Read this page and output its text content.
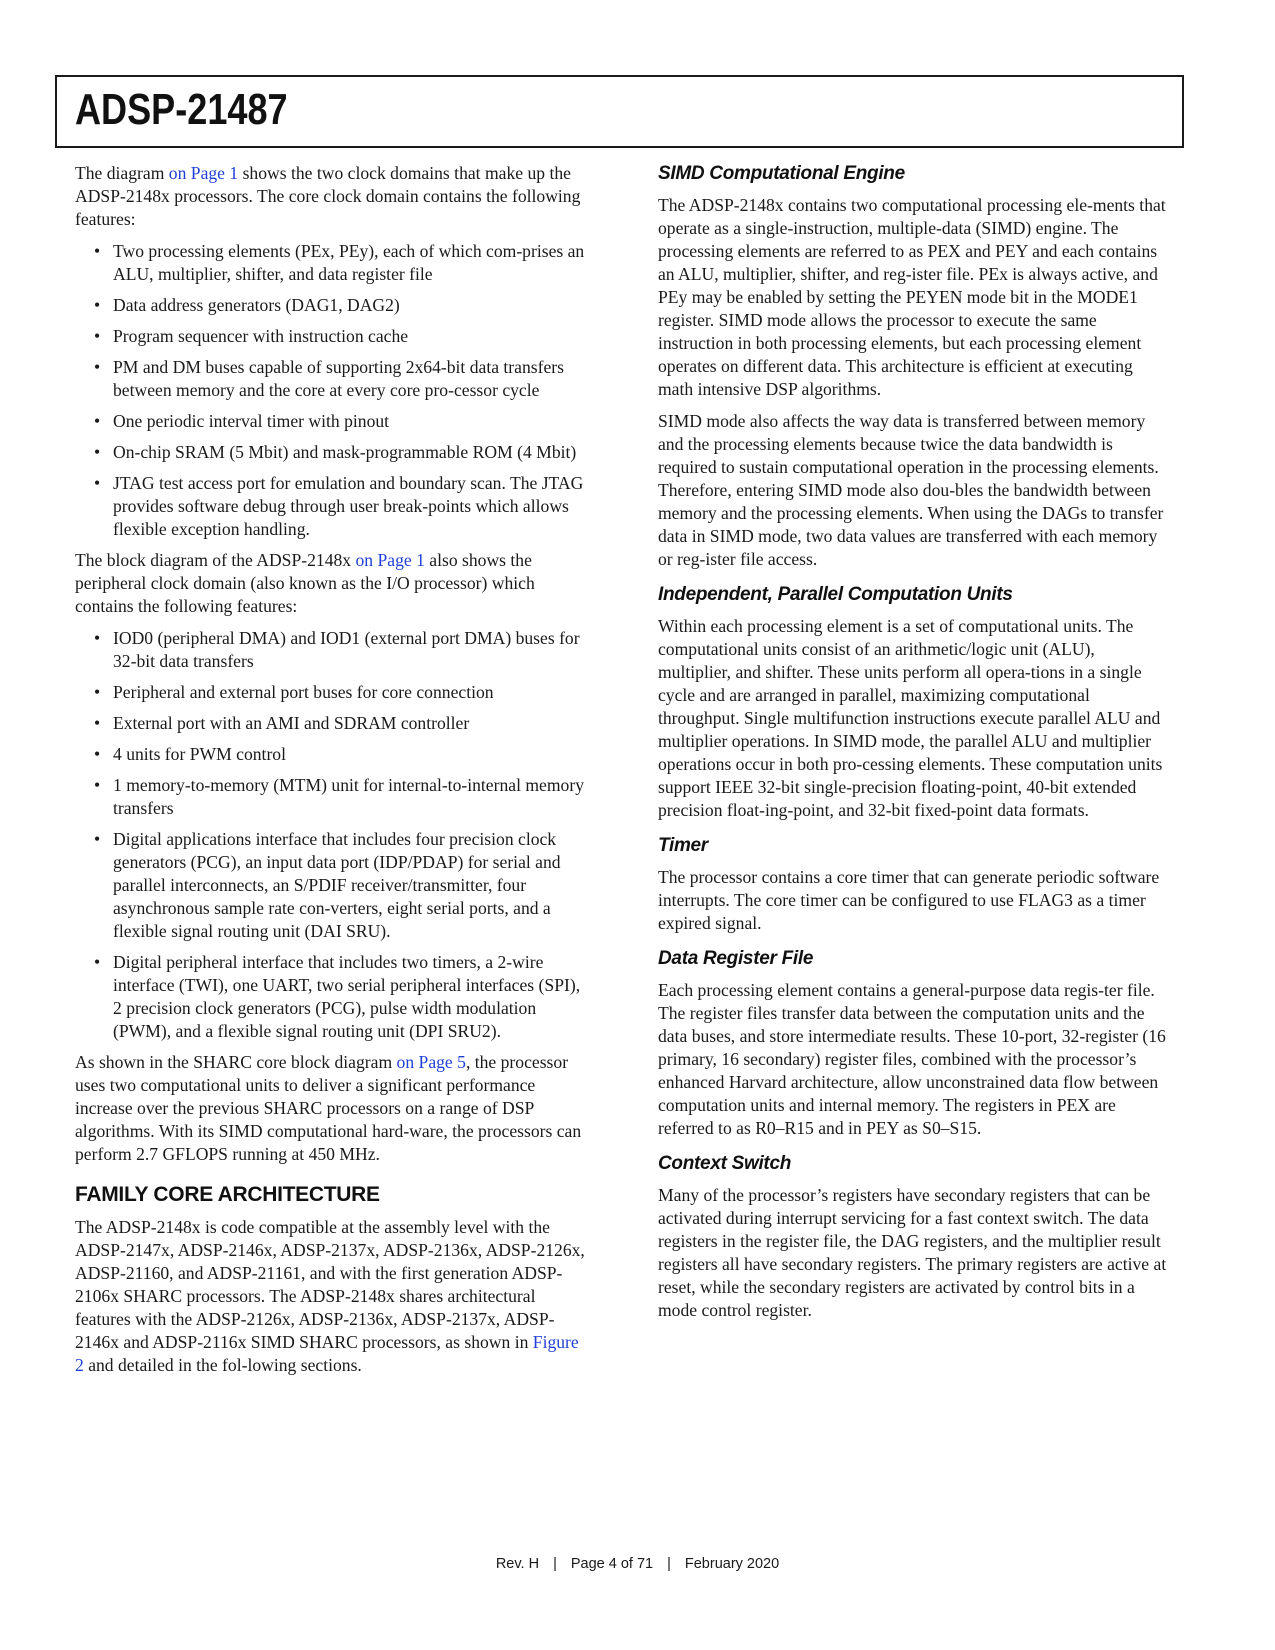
ADSP-21487

The diagram on Page 1 shows the two clock domains that make up the ADSP-2148x processors. The core clock domain contains the following features:

• Two processing elements (PEx, PEy), each of which com-prises an ALU, multiplier, shifter, and data register file
• Data address generators (DAG1, DAG2)
• Program sequencer with instruction cache
• PM and DM buses capable of supporting 2x64-bit data transfers between memory and the core at every core pro-cessor cycle
• One periodic interval timer with pinout
• On-chip SRAM (5 Mbit) and mask-programmable ROM (4 Mbit)
• JTAG test access port for emulation and boundary scan. The JTAG provides software debug through user break-points which allows flexible exception handling.

The block diagram of the ADSP-2148x on Page 1 also shows the peripheral clock domain (also known as the I/O processor) which contains the following features:

• IOD0 (peripheral DMA) and IOD1 (external port DMA) buses for 32-bit data transfers
• Peripheral and external port buses for core connection
• External port with an AMI and SDRAM controller
• 4 units for PWM control
• 1 memory-to-memory (MTM) unit for internal-to-internal memory transfers
• Digital applications interface that includes four precision clock generators (PCG), an input data port (IDP/PDAP) for serial and parallel interconnects, an S/PDIF receiver/transmitter, four asynchronous sample rate con-verters, eight serial ports, and a flexible signal routing unit (DAI SRU).
• Digital peripheral interface that includes two timers, a 2-wire interface (TWI), one UART, two serial peripheral interfaces (SPI), 2 precision clock generators (PCG), pulse width modulation (PWM), and a flexible signal routing unit (DPI SRU2).

As shown in the SHARC core block diagram on Page 5, the processor uses two computational units to deliver a significant performance increase over the previous SHARC processors on a range of DSP algorithms. With its SIMD computational hard-ware, the processors can perform 2.7 GFLOPS running at 450 MHz.

FAMILY CORE ARCHITECTURE

The ADSP-2148x is code compatible at the assembly level with the ADSP-2147x, ADSP-2146x, ADSP-2137x, ADSP-2136x, ADSP-2126x, ADSP-21160, and ADSP-21161, and with the first generation ADSP-2106x SHARC processors. The ADSP-2148x shares architectural features with the ADSP-2126x, ADSP-2136x, ADSP-2137x, ADSP-2146x and ADSP-2116x SIMD SHARC processors, as shown in Figure 2 and detailed in the fol-lowing sections.

SIMD Computational Engine

The ADSP-2148x contains two computational processing ele-ments that operate as a single-instruction, multiple-data (SIMD) engine. The processing elements are referred to as PEX and PEY and each contains an ALU, multiplier, shifter, and reg-ister file. PEx is always active, and PEy may be enabled by setting the PEYEN mode bit in the MODE1 register. SIMD mode allows the processor to execute the same instruction in both processing elements, but each processing element operates on different data. This architecture is efficient at executing math intensive DSP algorithms.

SIMD mode also affects the way data is transferred between memory and the processing elements because twice the data bandwidth is required to sustain computational operation in the processing elements. Therefore, entering SIMD mode also dou-bles the bandwidth between memory and the processing elements. When using the DAGs to transfer data in SIMD mode, two data values are transferred with each memory or reg-ister file access.

Independent, Parallel Computation Units

Within each processing element is a set of computational units. The computational units consist of an arithmetic/logic unit (ALU), multiplier, and shifter. These units perform all opera-tions in a single cycle and are arranged in parallel, maximizing computational throughput. Single multifunction instructions execute parallel ALU and multiplier operations. In SIMD mode, the parallel ALU and multiplier operations occur in both pro-cessing elements. These computation units support IEEE 32-bit single-precision floating-point, 40-bit extended precision float-ing-point, and 32-bit fixed-point data formats.

Timer

The processor contains a core timer that can generate periodic software interrupts. The core timer can be configured to use FLAG3 as a timer expired signal.

Data Register File

Each processing element contains a general-purpose data regis-ter file. The register files transfer data between the computation units and the data buses, and store intermediate results. These 10-port, 32-register (16 primary, 16 secondary) register files, combined with the processor’s enhanced Harvard architecture, allow unconstrained data flow between computation units and internal memory. The registers in PEX are referred to as R0–R15 and in PEY as S0–S15.

Context Switch

Many of the processor’s registers have secondary registers that can be activated during interrupt servicing for a fast context switch. The data registers in the register file, the DAG registers, and the multiplier result registers all have secondary registers. The primary registers are active at reset, while the secondary registers are activated by control bits in a mode control register.

Rev. H | Page 4 of 71 | February 2020
